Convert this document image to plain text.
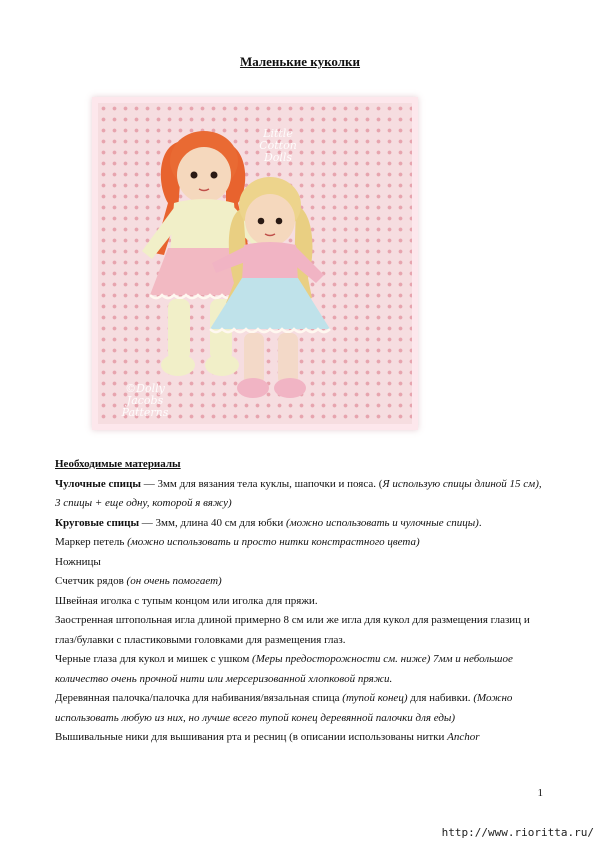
Маленькие куколки
Little Cotton
Dolls
©Dolly Jacobs
Patterns

Необходимые материалы

Чулочные спицы — 3мм для вязания тела куклы, шапочки и пояса. (Я использую спицы длиной 15 см), 3 спицы + еще одну, которой я вяжу)

Круговые спицы — 3мм, длина 40 см для юбки (можно использовать и чулочные спицы).

Маркер петель (можно использовать и просто нитки констрастного цвета)

Ножницы

Счетчик рядов (он очень помогает)

Швейная иголка с тупым концом или иголка для пряжи.

Заостренная штопольная игла длиной примерно 8 см или же игла для кукол для размещения глазиц и глаз/булавки с пластиковыми головками для размещения глаз.

Черные глаза для кукол и мишек с ушком (Меры предосторожности см. ниже) 7мм и небольшое количество очень прочной нити или мерсеризованной хлопковой пряжи.

Деревянная палочка/палочка для набивания/вязальная спица (тупой конец) для набивки. (Можно использовать любую из них, но лучше всего тупой конец деревянной палочки для еды)

Вышивальные ники для вышивания рта и ресниц (в описании использованы нитки Anchor

1
http://www.rioritta.ru/
